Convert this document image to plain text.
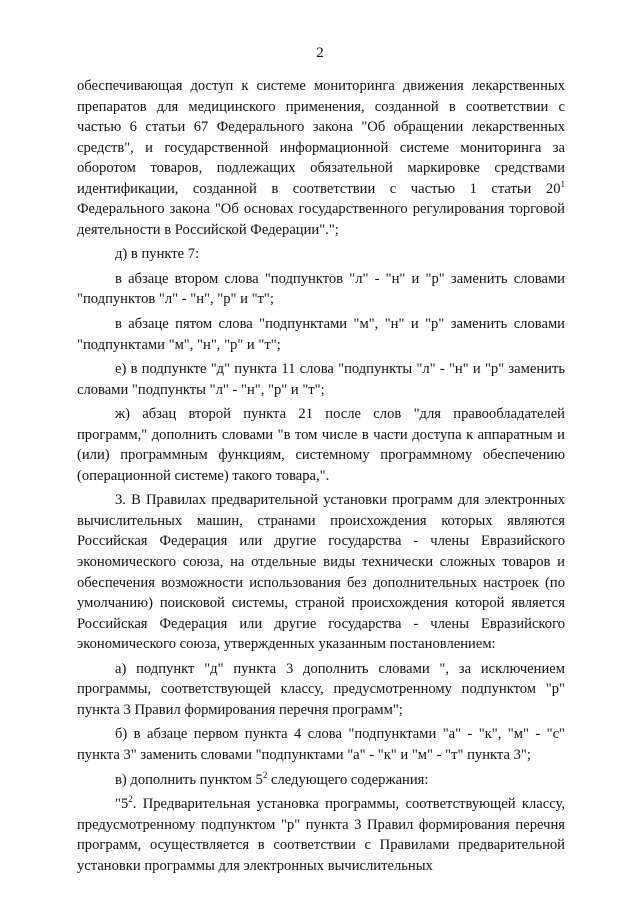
2

обеспечивающая доступ к системе мониторинга движения лекарственных препаратов для медицинского применения, созданной в соответствии с частью 6 статьи 67 Федерального закона "Об обращении лекарственных средств", и государственной информационной системе мониторинга за оборотом товаров, подлежащих обязательной маркировке средствами идентификации, созданной в соответствии с частью 1 статьи $20^1$ Федерального закона "Об основах государственного регулирования торговой деятельности в Российской Федерации".";

д) в пункте 7:

в абзаце втором слова "подпунктов "л" - "н" и "р" заменить словами "подпунктов "л" - "н", "р" и "т";

в абзаце пятом слова "подпунктами "м", "н" и "р" заменить словами "подпунктами "м", "н", "р" и "т";

е) в подпункте "д" пункта 11 слова "подпункты "л" - "н" и "р" заменить словами "подпункты "л" - "н", "р" и "т";

ж) абзац второй пункта 21 после слов "для правообладателей программ," дополнить словами "в том числе в части доступа к аппаратным и (или) программным функциям, системному программному обеспечению (операционной системе) такого товара,".

3. В Правилах предварительной установки программ для электронных вычислительных машин, странами происхождения которых являются Российская Федерация или другие государства - члены Евразийского экономического союза, на отдельные виды технически сложных товаров и обеспечения возможности использования без дополнительных настроек (по умолчанию) поисковой системы, страной происхождения которой является Российская Федерация или другие государства - члены Евразийского экономического союза, утвержденных указанным постановлением:

а) подпункт "д" пункта 3 дополнить словами ", за исключением программы, соответствующей классу, предусмотренному подпунктом "р" пункта 3 Правил формирования перечня программ";

б) в абзаце первом пункта 4 слова "подпунктами "а" - "к", "м" - "с" пункта 3" заменить словами "подпунктами "а" - "к" и "м" - "т" пункта 3";

в) дополнить пунктом $5^2$ следующего содержания:

"$5^2$. Предварительная установка программы, соответствующей классу, предусмотренному подпунктом "р" пункта 3 Правил формирования перечня программ, осуществляется в соответствии с Правилами предварительной установки программы для электронных вычислительных
